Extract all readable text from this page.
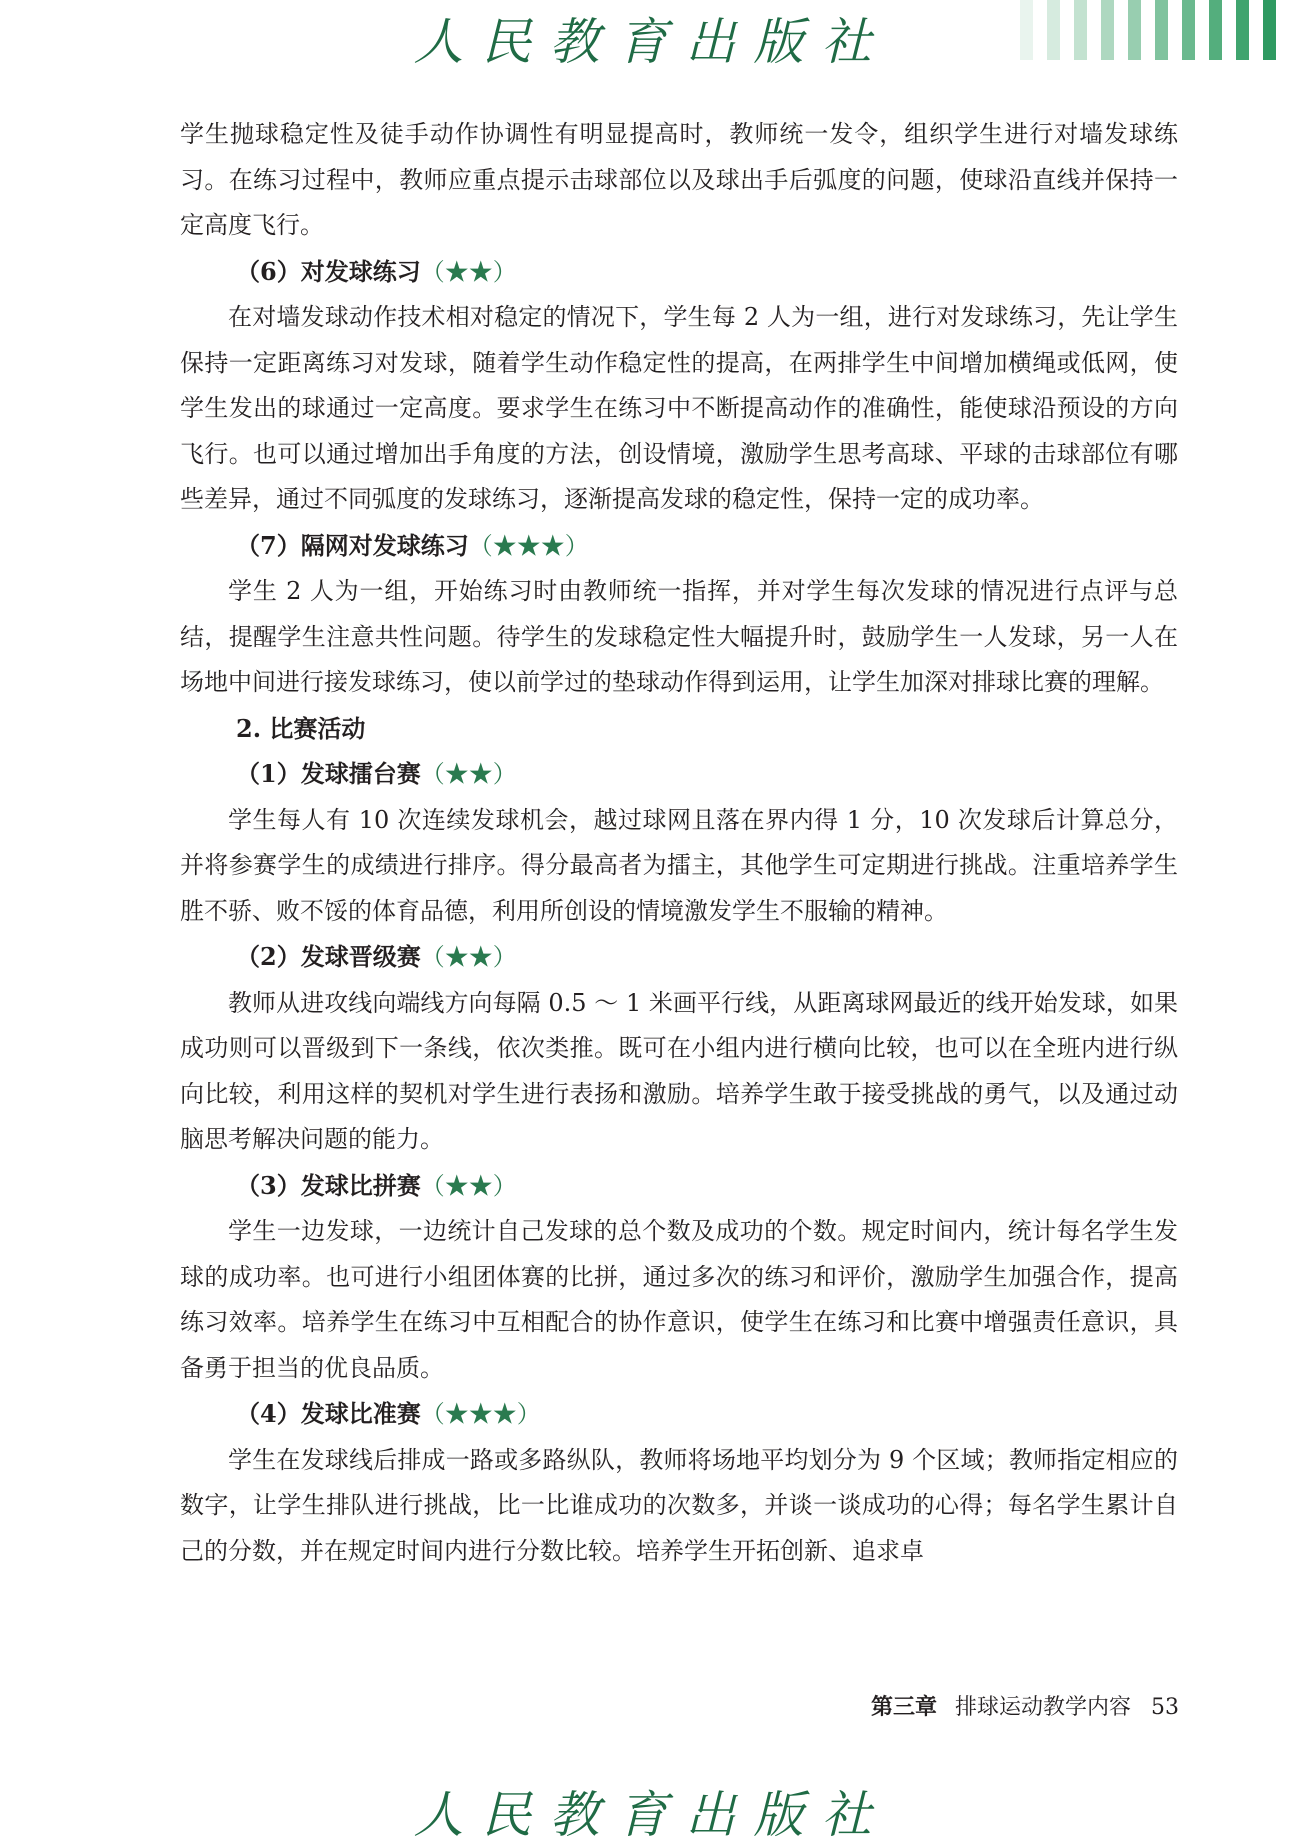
人民教育出版社

学生抛球稳定性及徒手动作协调性有明显提高时，教师统一发令，组织学生进行对墙发球练习。在练习过程中，教师应重点提示击球部位以及球出手后弧度的问题，使球沿直线并保持一定高度飞行。

（6）对发球练习（★★）

在对墙发球动作技术相对稳定的情况下，学生每 2 人为一组，进行对发球练习，先让学生保持一定距离练习对发球，随着学生动作稳定性的提高，在两排学生中间增加横绳或低网，使学生发出的球通过一定高度。要求学生在练习中不断提高动作的准确性，能使球沿预设的方向飞行。也可以通过增加出手角度的方法，创设情境，激励学生思考高球、平球的击球部位有哪些差异，通过不同弧度的发球练习，逐渐提高发球的稳定性，保持一定的成功率。

（7）隔网对发球练习（★★★）

学生 2 人为一组，开始练习时由教师统一指挥，并对学生每次发球的情况进行点评与总结，提醒学生注意共性问题。待学生的发球稳定性大幅提升时，鼓励学生一人发球，另一人在场地中间进行接发球练习，使以前学过的垫球动作得到运用，让学生加深对排球比赛的理解。

2. 比赛活动

（1）发球擂台赛（★★）

学生每人有 10 次连续发球机会，越过球网且落在界内得 1 分，10 次发球后计算总分，并将参赛学生的成绩进行排序。得分最高者为擂主，其他学生可定期进行挑战。注重培养学生胜不骄、败不馁的体育品德，利用所创设的情境激发学生不服输的精神。

（2）发球晋级赛（★★）

教师从进攻线向端线方向每隔 0.5 ～ 1 米画平行线，从距离球网最近的线开始发球，如果成功则可以晋级到下一条线，依次类推。既可在小组内进行横向比较，也可以在全班内进行纵向比较，利用这样的契机对学生进行表扬和激励。培养学生敢于接受挑战的勇气，以及通过动脑思考解决问题的能力。

（3）发球比拼赛（★★）

学生一边发球，一边统计自己发球的总个数及成功的个数。规定时间内，统计每名学生发球的成功率。也可进行小组团体赛的比拼，通过多次的练习和评价，激励学生加强合作，提高练习效率。培养学生在练习中互相配合的协作意识，使学生在练习和比赛中增强责任意识，具备勇于担当的优良品质。

（4）发球比准赛（★★★）

学生在发球线后排成一路或多路纵队，教师将场地平均划分为 9 个区域；教师指定相应的数字，让学生排队进行挑战，比一比谁成功的次数多，并谈一谈成功的心得；每名学生累计自己的分数，并在规定时间内进行分数比较。培养学生开拓创新、追求卓

第三章 排球运动教学内容 53
人民教育出版社
